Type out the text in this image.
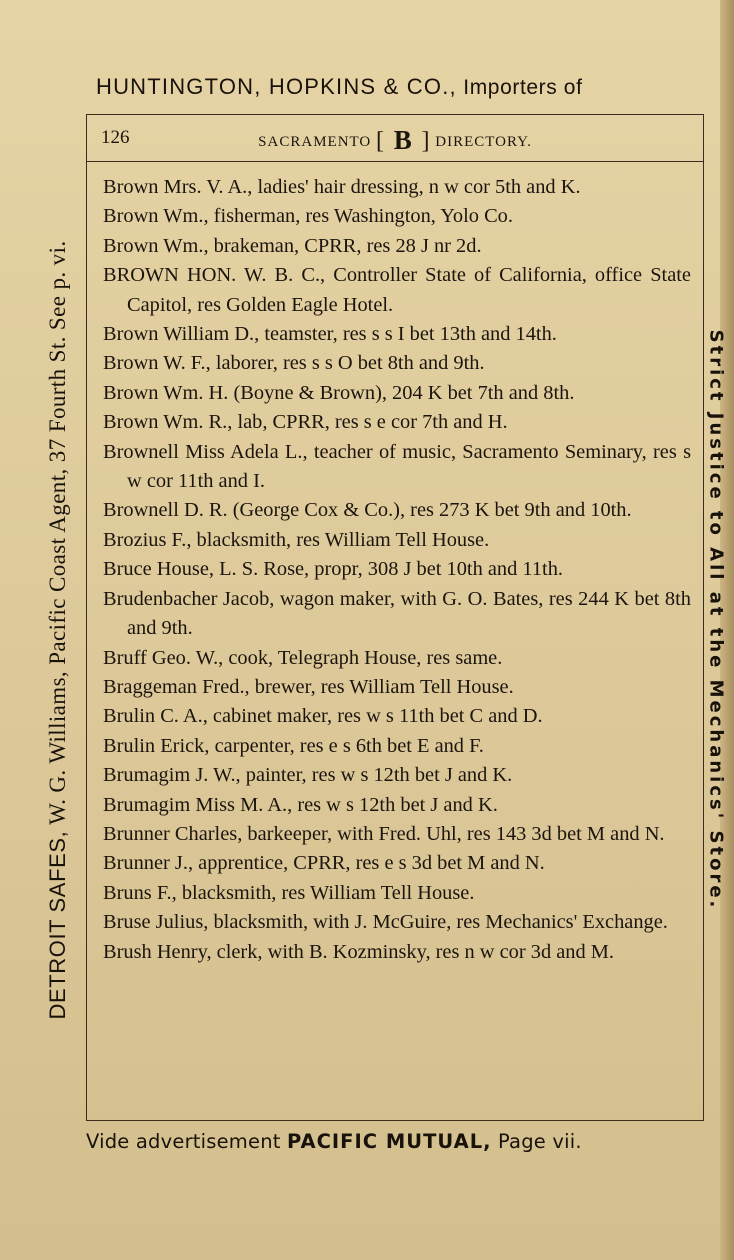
HUNTINGTON, HOPKINS & CO., Importers of
DETROIT SAFES, W. G. Williams, Pacific Coast Agent, 37 Fourth St. See p. vi.	Strict Justice to All at the Mechanics' Store.
126	SACRAMENTO [ B ] DIRECTORY.
Brown Mrs. V. A., ladies' hair dressing, n w cor 5th and K.
Brown Wm., fisherman, res Washington, Yolo Co.
Brown Wm., brakeman, CPRR, res 28 J nr 2d.
BROWN HON. W. B. C., Controller State of California, office State Capitol, res Golden Eagle Hotel.
Brown William D., teamster, res s s I bet 13th and 14th.
Brown W. F., laborer, res s s O bet 8th and 9th.
Brown Wm. H. (Boyne & Brown), 204 K bet 7th and 8th.
Brown Wm. R., lab, CPRR, res s e cor 7th and H.
Brownell Miss Adela L., teacher of music, Sacramento Seminary, res s w cor 11th and I.
Brownell D. R. (George Cox & Co.), res 273 K bet 9th and 10th.
Brozius F., blacksmith, res William Tell House.
Bruce House, L. S. Rose, propr, 308 J bet 10th and 11th.
Brudenbacher Jacob, wagon maker, with G. O. Bates, res 244 K bet 8th and 9th.
Bruff Geo. W., cook, Telegraph House, res same.
Braggeman Fred., brewer, res William Tell House.
Brulin C. A., cabinet maker, res w s 11th bet C and D.
Brulin Erick, carpenter, res e s 6th bet E and F.
Brumagim J. W., painter, res w s 12th bet J and K.
Brumagim Miss M. A., res w s 12th bet J and K.
Brunner Charles, barkeeper, with Fred. Uhl, res 143 3d bet M and N.
Brunner J., apprentice, CPRR, res e s 3d bet M and N.
Bruns F., blacksmith, res William Tell House.
Bruse Julius, blacksmith, with J. McGuire, res Mechanics' Exchange.
Brush Henry, clerk, with B. Kozminsky, res n w cor 3d and M.
Vide advertisement PACIFIC MUTUAL, Page vii.
